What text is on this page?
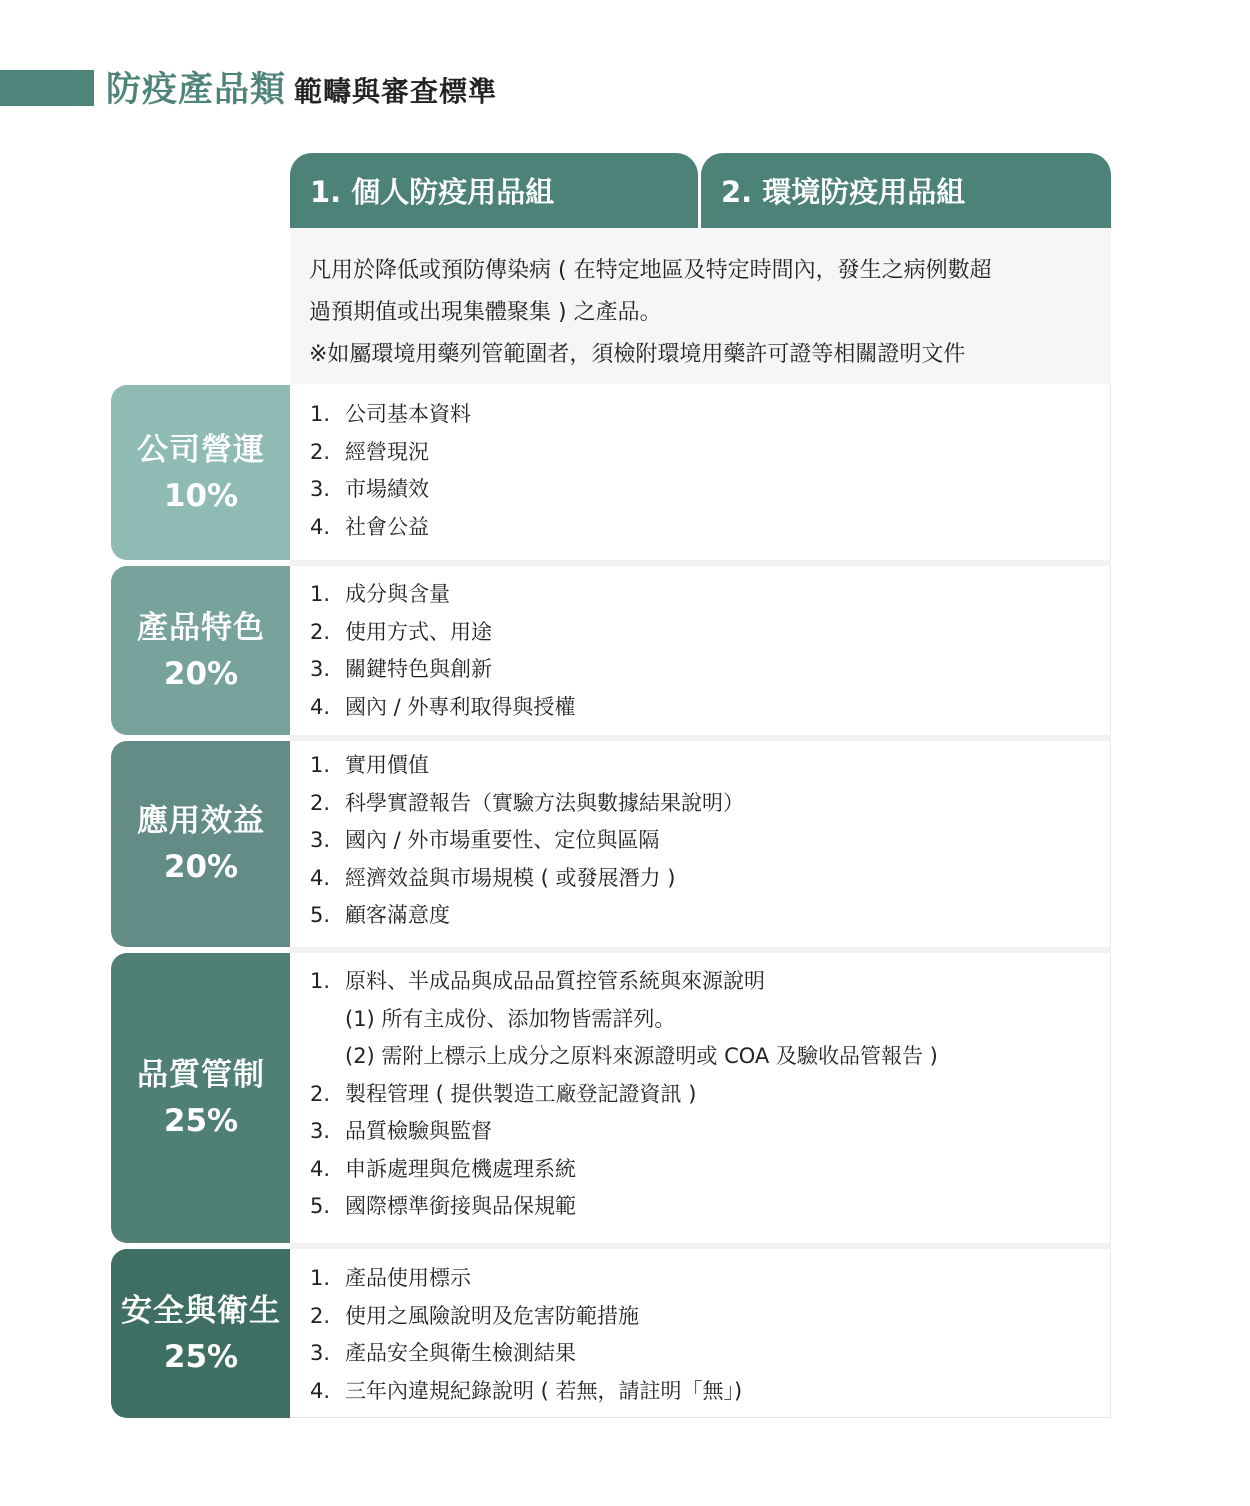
防疫產品類 範疇與審查標準
1. 個人防疫用品組	2. 環境防疫用品組
凡用於降低或預防傳染病 ( 在特定地區及特定時間內，發生之病例數超
過預期值或出現集體聚集 ) 之產品。
※如屬環境用藥列管範圍者，須檢附環境用藥許可證等相關證明文件
公司營運
10%
1. 公司基本資料
2. 經營現況
3. 市場績效
4. 社會公益
產品特色
20%
1. 成分與含量
2. 使用方式、用途
3. 關鍵特色與創新
4. 國內 / 外專利取得與授權
應用效益
20%
1. 實用價值
2. 科學實證報告（實驗方法與數據結果說明）
3. 國內 / 外市場重要性、定位與區隔
4. 經濟效益與市場規模 ( 或發展潛力 )
5. 顧客滿意度
品質管制
25%
1. 原料、半成品與成品品質控管系統與來源說明
(1) 所有主成份、添加物皆需詳列。
(2) 需附上標示上成分之原料來源證明或 COA 及驗收品管報告 )
2. 製程管理 ( 提供製造工廠登記證資訊 )
3. 品質檢驗與監督
4. 申訴處理與危機處理系統
5. 國際標準銜接與品保規範
安全與衛生
25%
1. 產品使用標示
2. 使用之風險說明及危害防範措施
3. 產品安全與衛生檢測結果
4. 三年內違規紀錄說明 ( 若無，請註明「無」)
